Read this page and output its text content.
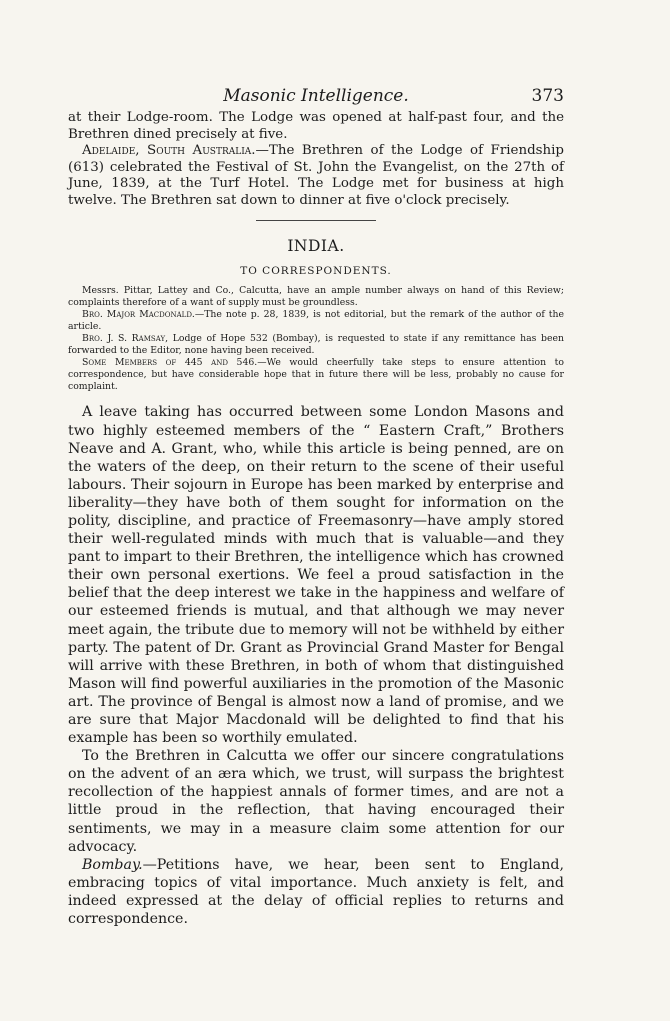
Masonic Intelligence.	373

at their Lodge-room. The Lodge was opened at half-past four, and the Brethren dined precisely at five.

Adelaide, South Australia.—The Brethren of the Lodge of Friendship (613) celebrated the Festival of St. John the Evangelist, on the 27th of June, 1839, at the Turf Hotel. The Lodge met for business at high twelve. The Brethren sat down to dinner at five o'clock precisely.

INDIA.
TO CORRESPONDENTS.

Messrs. Pittar, Lattey and Co., Calcutta, have an ample number always on hand of this Review; complaints therefore of a want of supply must be groundless.

Bro. Major Macdonald.—The note p. 28, 1839, is not editorial, but the remark of the author of the article.

Bro. J. S. Ramsay, Lodge of Hope 532 (Bombay), is requested to state if any remittance has been forwarded to the Editor, none having been received.

Some Members of 445 and 546.—We would cheerfully take steps to ensure attention to correspondence, but have considerable hope that in future there will be less, probably no cause for complaint.

A leave taking has occurred between some London Masons and two highly esteemed members of the “ Eastern Craft,” Brothers Neave and A. Grant, who, while this article is being penned, are on the waters of the deep, on their return to the scene of their useful labours. Their sojourn in Europe has been marked by enterprise and liberality—they have both of them sought for information on the polity, discipline, and practice of Freemasonry—have amply stored their well-regulated minds with much that is valuable—and they pant to impart to their Brethren, the intelligence which has crowned their own personal exertions. We feel a proud satisfaction in the belief that the deep interest we take in the happiness and welfare of our esteemed friends is mutual, and that although we may never meet again, the tribute due to memory will not be withheld by either party. The patent of Dr. Grant as Provincial Grand Master for Bengal will arrive with these Brethren, in both of whom that distinguished Mason will find powerful auxiliaries in the promotion of the Masonic art. The province of Bengal is almost now a land of promise, and we are sure that Major Macdonald will be delighted to find that his example has been so worthily emulated.

To the Brethren in Calcutta we offer our sincere congratulations on the advent of an æra which, we trust, will surpass the brightest recollection of the happiest annals of former times, and are not a little proud in the reflection, that having encouraged their sentiments, we may in a measure claim some attention for our advocacy.

Bombay.—Petitions have, we hear, been sent to England, embracing topics of vital importance. Much anxiety is felt, and indeed expressed at the delay of official replies to returns and correspondence.
